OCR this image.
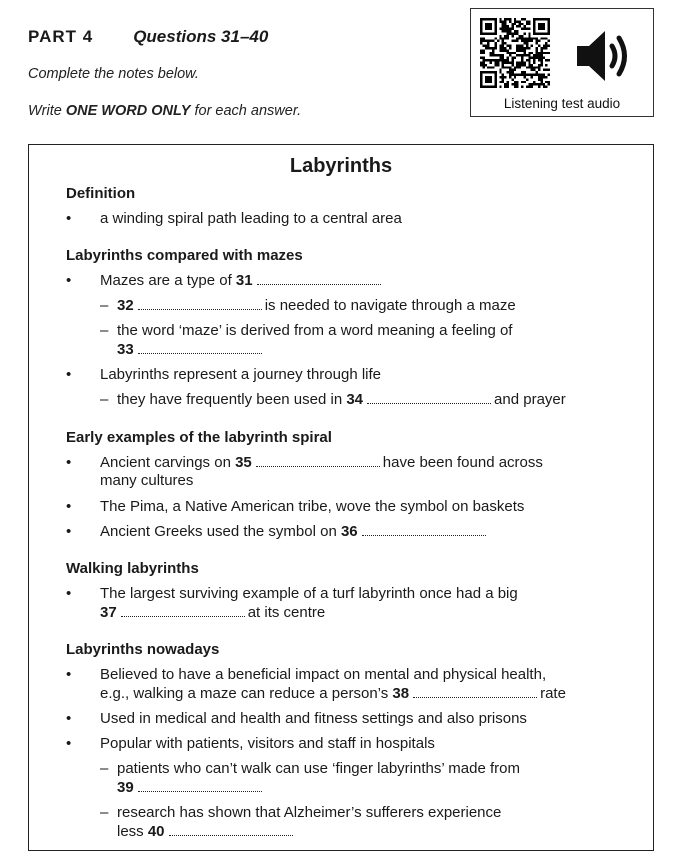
PART 4 Questions 31–40
Complete the notes below.
Write ONE WORD ONLY for each answer.	Listening test audio
Labyrinths
Definition
• a winding spiral path leading to a central area
Labyrinths compared with mazes
• Mazes are a type of 31
– 32	is needed to navigate through a maze
– the word ‘maze’ is derived from a word meaning a feeling of
33
• Labyrinths represent a journey through life
– they have frequently been used in 34	and prayer
Early examples of the labyrinth spiral
• Ancient carvings on 35	have been found across
many cultures
• The Pima, a Native American tribe, wove the symbol on baskets
• Ancient Greeks used the symbol on 36
Walking labyrinths
• The largest surviving example of a turf labyrinth once had a big
37	at its centre
Labyrinths nowadays
• Believed to have a beneficial impact on mental and physical health,
e.g., walking a maze can reduce a person’s 38	rate
• Used in medical and health and fitness settings and also prisons
• Popular with patients, visitors and staff in hospitals
– patients who can’t walk can use ‘finger labyrinths’ made from
39
– research has shown that Alzheimer’s sufferers experience
less 40
